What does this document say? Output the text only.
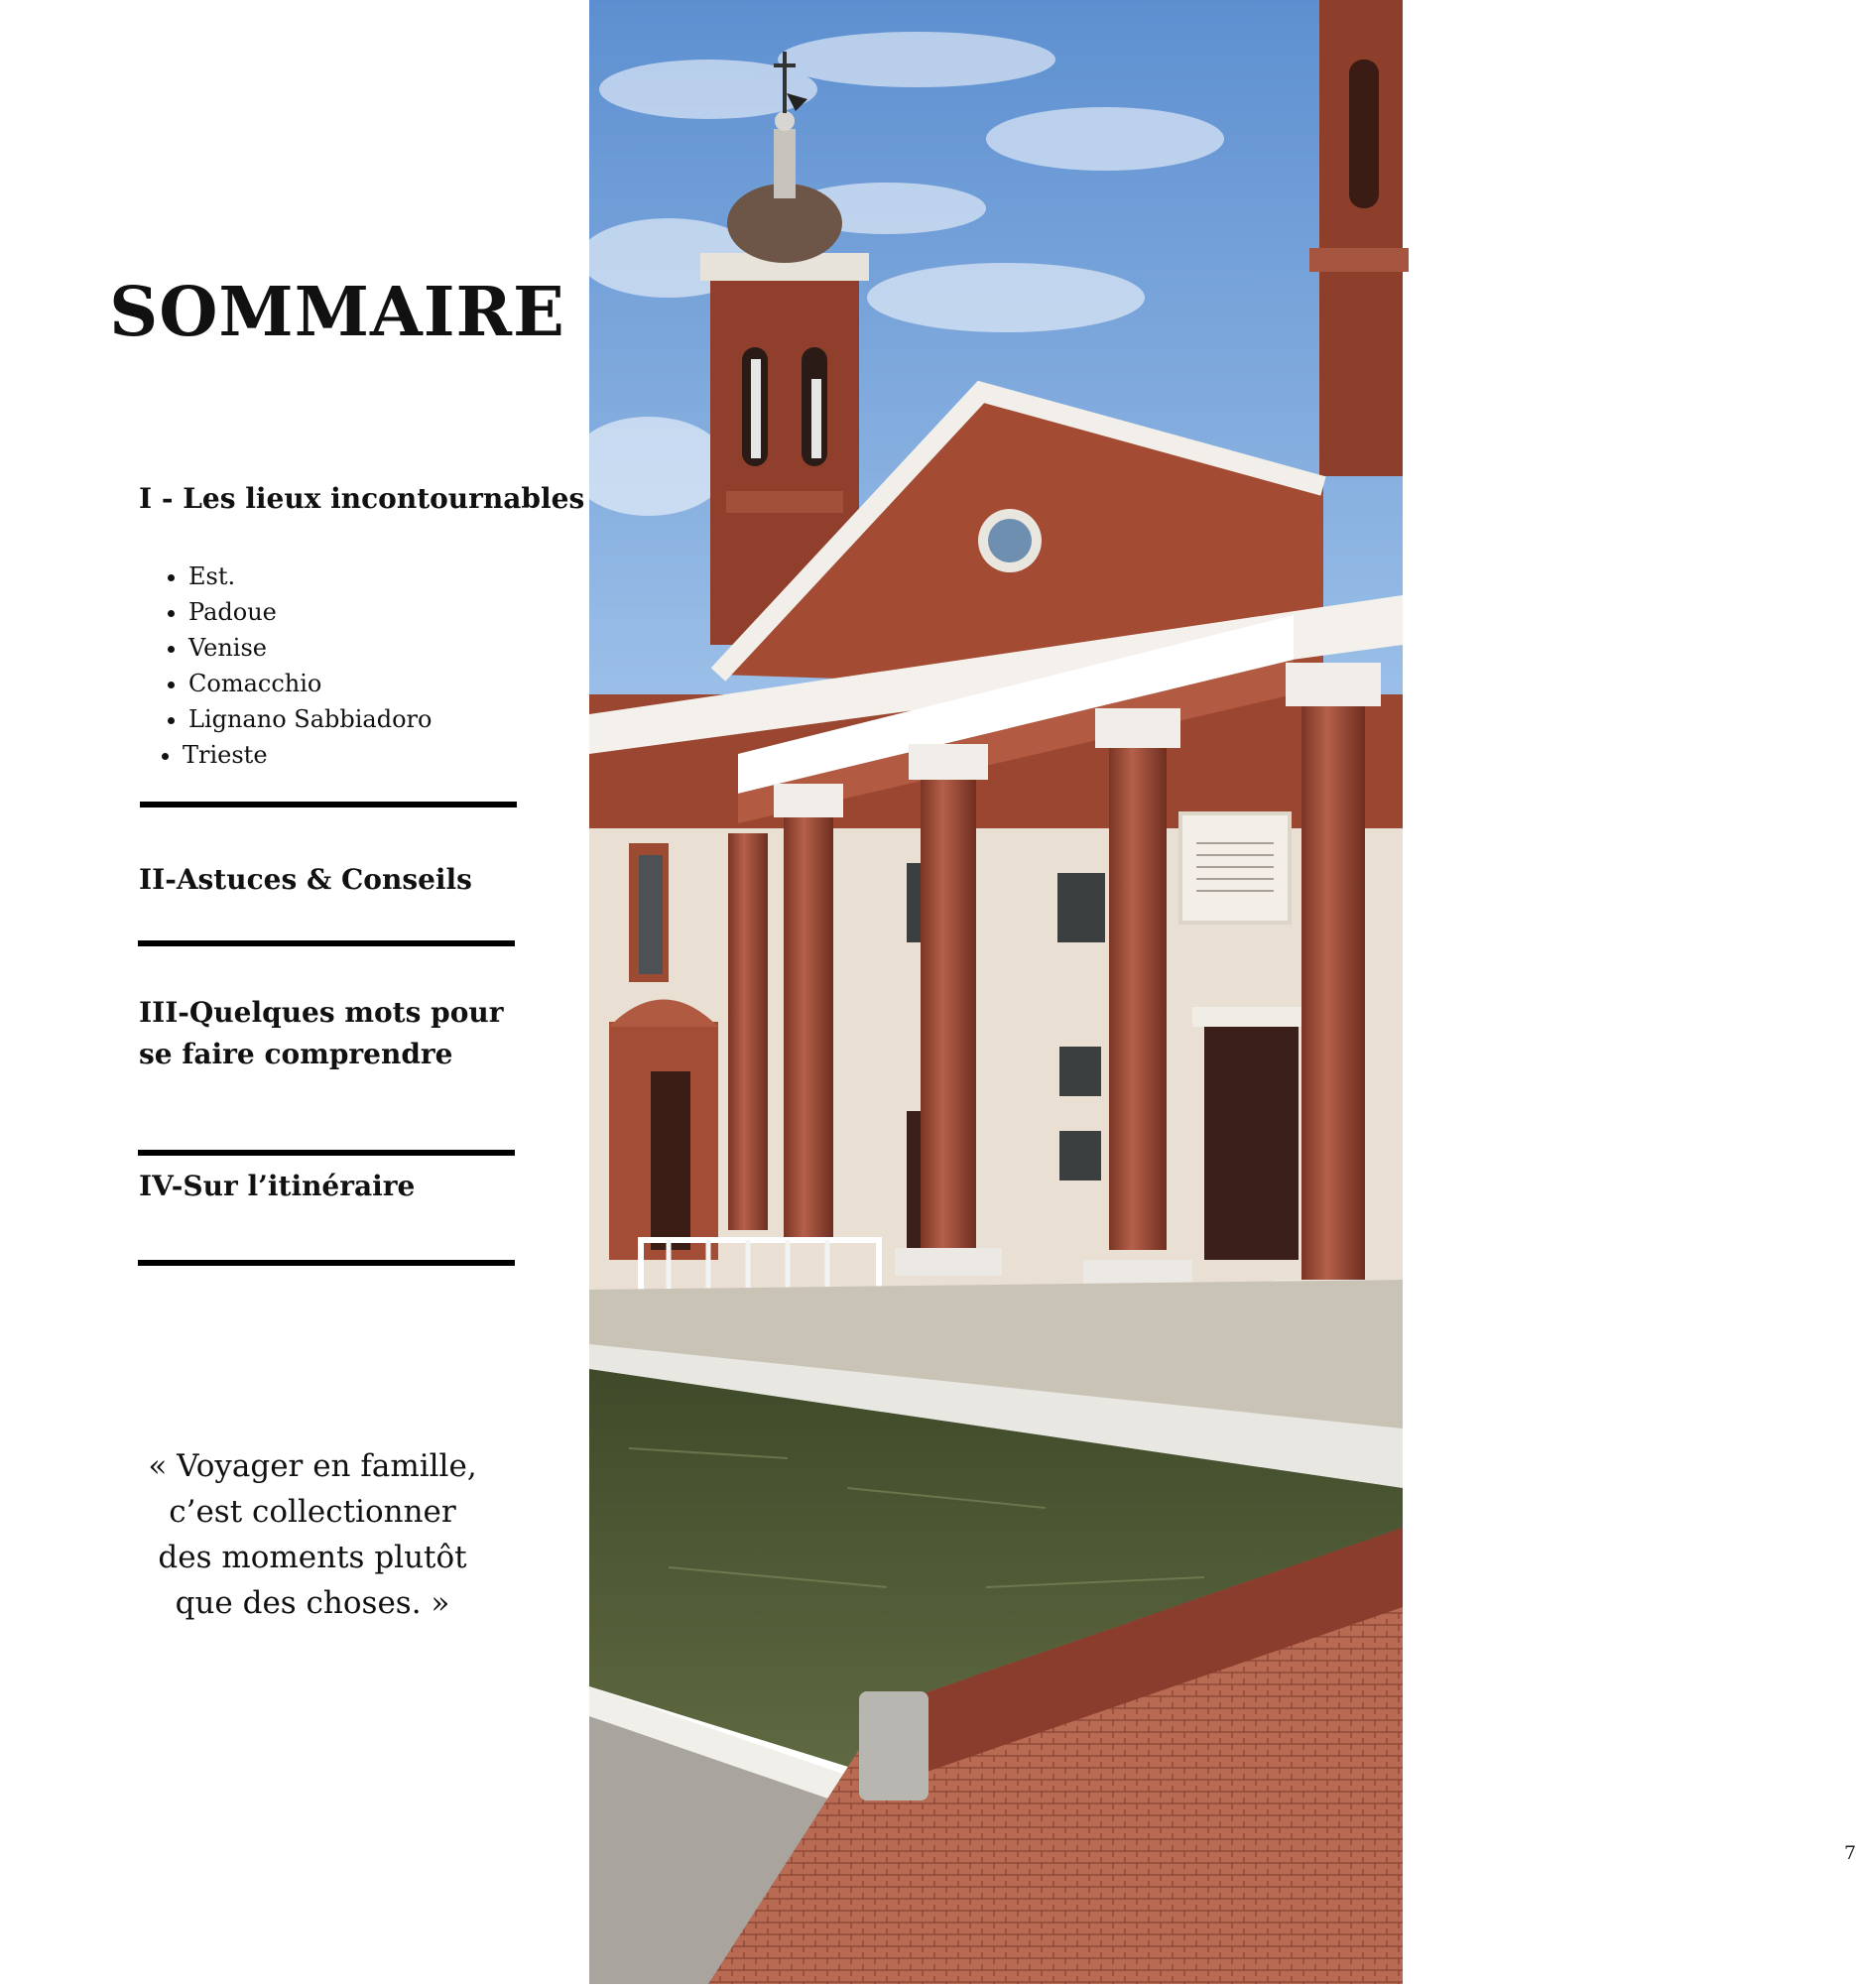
SOMMAIRE
I - Les lieux incontournables
• Est.
• Padoue
• Venise
• Comacchio
• Lignano Sabbiadoro
• Trieste
II-Astuces & Conseils
III-Quelques mots pour
se faire comprendre
IV-Sur l’itinéraire
« Voyager en famille,
c’est collectionner
des moments plutôt
que des choses. »
7
